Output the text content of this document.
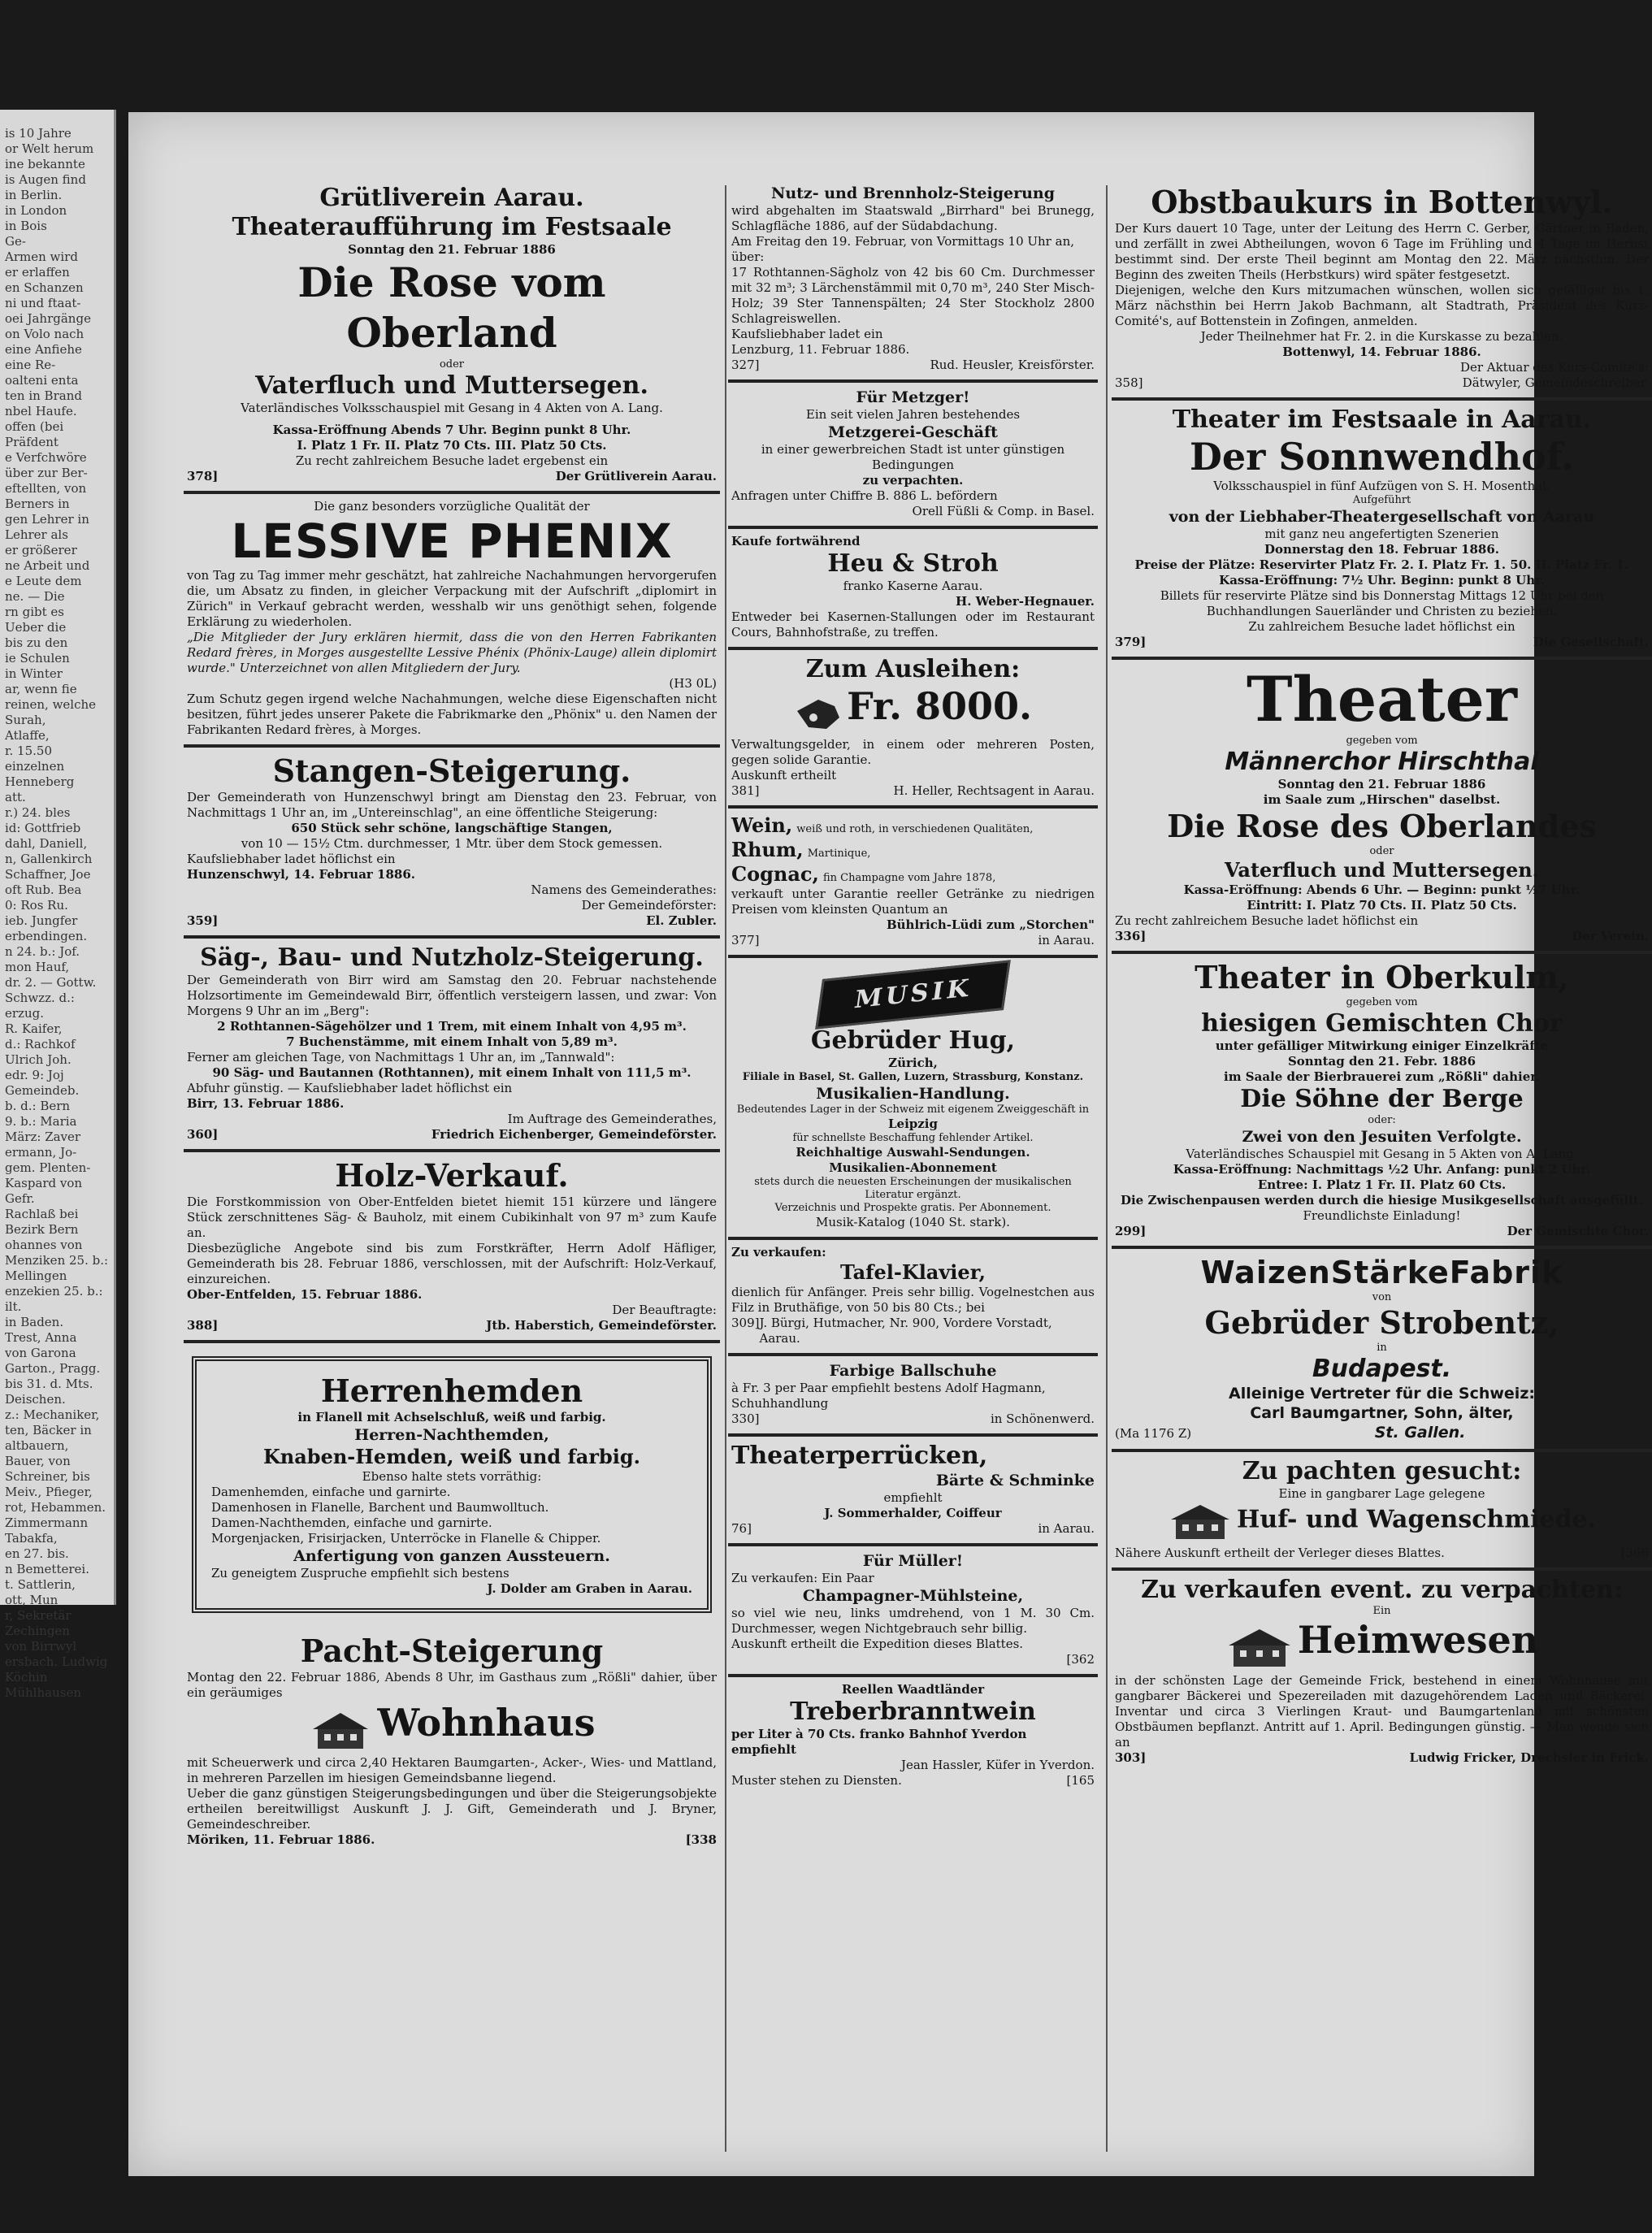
is 10 Jahre
or Welt herum
ine bekannte
is Augen find
in Berlin.
in London
in Bois
Ge-
Armen wird
er erlaffen
en Schanzen
ni und ftaat-
oei Jahrgänge
on Volo nach
eine Anfiehe
eine Re-
oalteni enta
ten in Brand
nbel Haufe.
offen (bei
Präfdent
e Verfchwöre
über zur Ber-
eftellten, von
Berners in
gen Lehrer in
Lehrer als
er größerer
ne Arbeit und
e Leute dem
ne. — Die
rn gibt es
Ueber die
bis zu den
ie Schulen
in Winter
ar, wenn fie
reinen, welche
Surah,
Atlaffe,
r. 15.50
einzelnen
Henneberg
att.
r.) 24. bles
id: Gottfrieb
dahl, Daniell,
n, Gallenkirch
Schaffner, Joe
oft Rub. Bea
0: Ros Ru.
ieb. Jungfer
erbendingen.
n 24. b.: Jof.
mon Hauf,
dr. 2. — Gottw.
Schwzz. d.:
erzug.
R. Kaifer,
d.: Rachkof
Ulrich Joh.
edr. 9: Joj
Gemeindeb.
b. d.: Bern
9. b.: Maria
März: Zaver
ermann, Jo-
gem. Plenten-
Kaspard von
Gefr.
Rachlaß bei
Bezirk Bern
ohannes von
Menziken 25. b.:
Mellingen
enzekien 25. b.:
ilt.
in Baden.
Trest, Anna
von Garona
Garton., Pragg.
bis 31. d. Mts.
Deischen.
z.: Mechaniker,
ten, Bäcker in
altbauern,
Bauer, von
Schreiner, bis
Meiv., Pfieger,
rot, Hebammen.
Zimmermann
Tabakfa,
en 27. bis.
n Bemetterei.
t. Sattlerin,
ott, Mun
r, Sekretär
Zechingen
von Birrwyl
ersbach. Ludwig
Köchin
Mühlhausen
Grütliverein Aarau.
Theateraufführung im Festsaale
Sonntag den 21. Februar 1886
Die Rose vom Oberland
oder
Vaterfluch und Muttersegen.
Vaterländisches Volksschauspiel mit Gesang in 4 Akten von A. Lang.
Kassa-Eröffnung Abends 7 Uhr. Beginn punkt 8 Uhr.
I. Platz 1 Fr. II. Platz 70 Cts. III. Platz 50 Cts.
Zu recht zahlreichem Besuche ladet ergebenst ein
378]	Der Grütliverein Aarau.
Die ganz besonders vorzügliche Qualität der
LESSIVE PHENIX
von Tag zu Tag immer mehr geschätzt, hat zahlreiche Nachahmungen hervorgerufen die, um Absatz zu finden, in gleicher Verpackung mit der Aufschrift „diplomirt in Zürich" in Verkauf gebracht werden, wesshalb wir uns genöthigt sehen, folgende Erklärung zu wiederholen.
„Die Mitglieder der Jury erklären hiermit, dass die von den Herren Fabrikanten Redard frères, in Morges ausgestellte Lessive Phénix (Phönix-Lauge) allein diplomirt wurde." Unterzeichnet von allen Mitgliedern der Jury.
(H3 0L)
Zum Schutz gegen irgend welche Nachahmungen, welche diese Eigenschaften nicht besitzen, führt jedes unserer Pakete die Fabrikmarke den „Phönix" u. den Namen der Fabrikanten Redard frères, à Morges.
Stangen-Steigerung.
Der Gemeinderath von Hunzenschwyl bringt am Dienstag den 23. Februar, von Nachmittags 1 Uhr an, im „Untereinschlag", an eine öffentliche Steigerung:
650 Stück sehr schöne, langschäftige Stangen,
von 10 — 15½ Ctm. durchmesser, 1 Mtr. über dem Stock gemessen.
Kaufsliebhaber ladet höflichst ein
Hunzenschwyl, 14. Februar 1886.
Namens des Gemeinderathes:
Der Gemeindeförster:
359]	El. Zubler.
Säg-, Bau- und Nutzholz-Steigerung.
Der Gemeinderath von Birr wird am Samstag den 20. Februar nachstehende Holzsortimente im Gemeindewald Birr, öffentlich versteigern lassen, und zwar: Von Morgens 9 Uhr an im „Berg":
2 Rothtannen-Sägehölzer und 1 Trem, mit einem Inhalt von 4,95 m³.
7 Buchenstämme, mit einem Inhalt von 5,89 m³.
Ferner am gleichen Tage, von Nachmittags 1 Uhr an, im „Tannwald":
90 Säg- und Bautannen (Rothtannen), mit einem Inhalt von 111,5 m³.
Abfuhr günstig. — Kaufsliebhaber ladet höflichst ein
Birr, 13. Februar 1886.
Im Auftrage des Gemeinderathes,
360]	Friedrich Eichenberger, Gemeindeförster.
Holz-Verkauf.
Die Forstkommission von Ober-Entfelden bietet hiemit 151 kürzere und längere Stück zerschnittenes Säg- & Bauholz, mit einem Cubikinhalt von 97 m³ zum Kaufe an.
Diesbezügliche Angebote sind bis zum Forstkräfter, Herrn Adolf Häfliger, Gemeinderath bis 28. Februar 1886, verschlossen, mit der Aufschrift: Holz-Verkauf, einzureichen.
Ober-Entfelden, 15. Februar 1886.
Der Beauftragte:
388]	Jtb. Haberstich, Gemeindeförster.
Herrenhemden
in Flanell mit Achselschluß, weiß und farbig.
Herren-Nachthemden,
Knaben-Hemden, weiß und farbig.
Ebenso halte stets vorräthig:
Damenhemden, einfache und garnirte.
Damenhosen in Flanelle, Barchent und Baumwolltuch.
Damen-Nachthemden, einfache und garnirte.
Morgenjacken, Frisirjacken, Unterröcke in Flanelle & Chipper.
Anfertigung von ganzen Aussteuern.
Zu geneigtem Zuspruche empfiehlt sich bestens
J. Dolder am Graben in Aarau.
Pacht-Steigerung
Montag den 22. Februar 1886, Abends 8 Uhr, im Gasthaus zum „Rößli" dahier, über ein geräumiges
Wohnhaus
mit Scheuerwerk und circa 2,40 Hektaren Baumgarten-, Acker-, Wies- und Mattland, in mehreren Parzellen im hiesigen Gemeindsbanne liegend.
Ueber die ganz günstigen Steigerungsbedingungen und über die Steigerungsobjekte ertheilen bereitwilligst Auskunft J. J. Gift, Gemeinderath und J. Bryner, Gemeindeschreiber.
Möriken, 11. Februar 1886.	[338
Nutz- und Brennholz-Steigerung
wird abgehalten im Staatswald „Birrhard" bei Brunegg, Schlagfläche 1886, auf der Südabdachung.
Am Freitag den 19. Februar, von Vormittags 10 Uhr an, über:
17 Rothtannen-Sägholz von 42 bis 60 Cm. Durchmesser mit 32 m³; 3 Lärchenstämmil mit 0,70 m³, 240 Ster Misch-Holz; 39 Ster Tannenspälten; 24 Ster Stockholz 2800 Schlagreiswellen.
Kaufsliebhaber ladet ein
Lenzburg, 11. Februar 1886.
327]	Rud. Heusler, Kreisförster.
Für Metzger!
Ein seit vielen Jahren bestehendes
Metzgerei-Geschäft
in einer gewerbreichen Stadt ist unter günstigen Bedingungen
zu verpachten.
Anfragen unter Chiffre B. 886 L. befördern
Orell Füßli & Comp. in Basel.
Kaufe fortwährend
Heu & Stroh
franko Kaserne Aarau.
H. Weber-Hegnauer.
Entweder bei Kasernen-Stallungen oder im Restaurant Cours, Bahnhofstraße, zu treffen.
Zum Ausleihen:
Fr. 8000.
Verwaltungsgelder, in einem oder mehreren Posten, gegen solide Garantie.
Auskunft ertheilt
381]	H. Heller, Rechtsagent in Aarau.
Wein, weiß und roth, in verschiedenen Qualitäten,
Rhum, Martinique,
Cognac, fin Champagne vom Jahre 1878,
verkauft unter Garantie reeller Getränke zu niedrigen Preisen vom kleinsten Quantum an
Bühlrich-Lüdi zum „Storchen"
377]	in Aarau.
MUSIK
Gebrüder Hug,
Zürich,
Filiale in Basel, St. Gallen, Luzern, Strassburg, Konstanz.
Musikalien-Handlung.
Bedeutendes Lager in der Schweiz mit eigenem Zweiggeschäft in
Leipzig
für schnellste Beschaffung fehlender Artikel.
Reichhaltige Auswahl-Sendungen.
Musikalien-Abonnement
stets durch die neuesten Erscheinungen der musikalischen Literatur ergänzt.
Verzeichnis und Prospekte gratis. Per Abonnement.
Musik-Katalog (1040 St. stark).
Zu verkaufen:
Tafel-Klavier,
dienlich für Anfänger. Preis sehr billig. Vogelnestchen aus Filz in Bruthäfige, von 50 bis 80 Cts.; bei
309] J. Bürgi, Hutmacher, Nr. 900, Vordere Vorstadt, Aarau.
Farbige Ballschuhe
à Fr. 3 per Paar empfiehlt bestens Adolf Hagmann, Schuhhandlung
330]	in Schönenwerd.
Theaterperrücken,
Bärte & Schminke
empfiehlt
J. Sommerhalder, Coiffeur
76]	in Aarau.
Für Müller!
Zu verkaufen: Ein Paar
Champagner-Mühlsteine,
so viel wie neu, links umdrehend, von 1 M. 30 Cm. Durchmesser, wegen Nichtgebrauch sehr billig.
Auskunft ertheilt die Expedition dieses Blattes.
[362
Reellen Waadtländer
Treberbranntwein
per Liter à 70 Cts. franko Bahnhof Yverdon empfiehlt
Jean Hassler, Küfer in Yverdon.
Muster stehen zu Diensten.	[165
Obstbaukurs in Bottenwyl.
Der Kurs dauert 10 Tage, unter der Leitung des Herrn C. Gerber, Gärtner in Baden, und zerfällt in zwei Abtheilungen, wovon 6 Tage im Frühling und 4 Tage im Herbst bestimmt sind. Der erste Theil beginnt am Montag den 22. März nächsthin. Der Beginn des zweiten Theils (Herbstkurs) wird später festgesetzt.
Diejenigen, welche den Kurs mitzumachen wünschen, wollen sich gefälligst bis 1. März nächsthin bei Herrn Jakob Bachmann, alt Stadtrath, Präsident des Kurs-Comité's, auf Bottenstein in Zofingen, anmelden.
Jeder Theilnehmer hat Fr. 2. in die Kurskasse zu bezahlen.
Bottenwyl, 14. Februar 1886.
Der Aktuar des Kurs-Comité's:
358]	Dätwyler, Gemeindeschreiber.
Theater im Festsaale in Aarau.
Der Sonnwendhof.
Volksschauspiel in fünf Aufzügen von S. H. Mosenthal.
Aufgeführt
von der Liebhaber-Theatergesellschaft von Aarau
mit ganz neu angefertigten Szenerien
Donnerstag den 18. Februar 1886.
Preise der Plätze: Reservirter Platz Fr. 2. I. Platz Fr. 1. 50. II. Platz Fr. 1.
Kassa-Eröffnung: 7½ Uhr. Beginn: punkt 8 Uhr.
Billets für reservirte Plätze sind bis Donnerstag Mittags 12 Uhr bei den Buchhandlungen Sauerländer und Christen zu beziehen.
Zu zahlreichem Besuche ladet höflichst ein
379]	Die Gesellschaft.
Theater
gegeben vom
Männerchor Hirschthal
Sonntag den 21. Februar 1886
im Saale zum „Hirschen" daselbst.
Die Rose des Oberlandes
oder
Vaterfluch und Muttersegen.
Kassa-Eröffnung: Abends 6 Uhr. — Beginn: punkt ½7 Uhr.
Eintritt: I. Platz 70 Cts. II. Platz 50 Cts.
Zu recht zahlreichem Besuche ladet höflichst ein
336]	Der Verein.
Theater in Oberkulm,
gegeben vom
hiesigen Gemischten Chor
unter gefälliger Mitwirkung einiger Einzelkräfte
Sonntag den 21. Febr. 1886
im Saale der Bierbrauerei zum „Rößli" dahier.
Die Söhne der Berge
oder:
Zwei von den Jesuiten Verfolgte.
Vaterländisches Schauspiel mit Gesang in 5 Akten von A. Lang.
Kassa-Eröffnung: Nachmittags ½2 Uhr. Anfang: punkt 2 Uhr.
Entree: I. Platz 1 Fr. II. Platz 60 Cts.
Die Zwischenpausen werden durch die hiesige Musikgesellschaft ausgefüllt.
Freundlichste Einladung!
299]	Der Gemischte Chor.
WaizenStärkeFabrik
von
Gebrüder Strobentz,
in
Budapest.
Alleinige Vertreter für die Schweiz:
Carl Baumgartner, Sohn, älter,
(Ma 1176 Z)	St. Gallen.
Zu pachten gesucht:
Eine in gangbarer Lage gelegene
Huf- und Wagenschmiede.
Nähere Auskunft ertheilt der Verleger dieses Blattes.	[366
Zu verkaufen event. zu verpachten:
Ein
Heimwesen
in der schönsten Lage der Gemeinde Frick, bestehend in einem Wohnhause mit gangbarer Bäckerei und Spezereiladen mit dazugehörendem Laden und Bäckerei-Inventar und circa 3 Vierlingen Kraut- und Baumgartenland mit schönsten Obstbäumen bepflanzt. Antritt auf 1. April. Bedingungen günstig. — Man wende sich an
303]	Ludwig Fricker, Drechsler in Frick.
